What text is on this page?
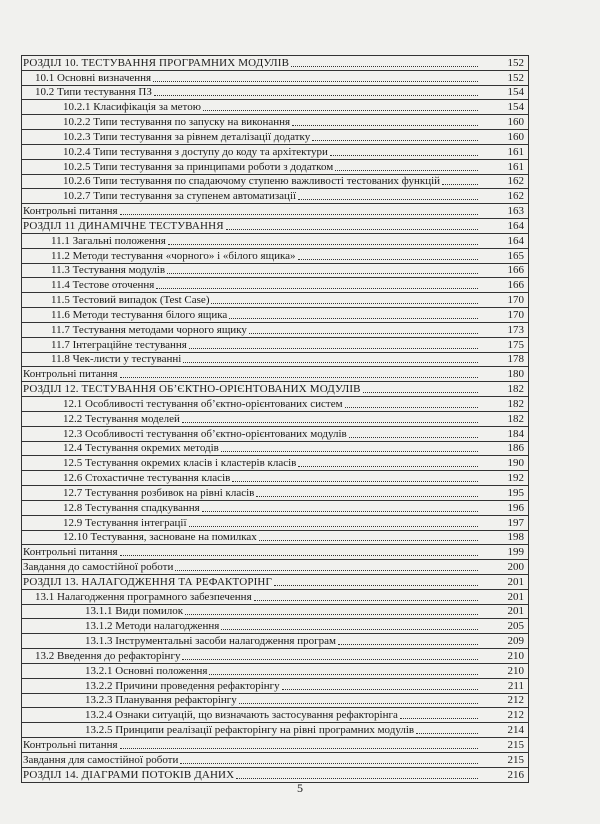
РОЗДІЛ 10. ТЕСТУВАННЯ ПРОГРАМНИХ МОДУЛІВ	152
10.1 Основні визначення	152
10.2 Типи тестування ПЗ	154
10.2.1 Класифікація за метою	154
10.2.2 Типи тестування по запуску на виконання	160
10.2.3 Типи тестування за рівнем деталізації додатку	160
10.2.4 Типи тестування з доступу до коду та архітектури	161
10.2.5 Типи тестування за принципами роботи з додатком	161
10.2.6 Типи тестування по спадаючому ступеню важливості тестованих функцій	162
10.2.7 Типи тестування за ступенем автоматизації	162
Контрольні питання	163
РОЗДІЛ 11 ДИНАМІЧНЕ ТЕСТУВАННЯ	164
11.1 Загальні положення	164
11.2 Методи тестування «чорного» і «білого ящика»	165
11.3 Тестування модулів	166
11.4 Тестове оточення	166
11.5 Тестовий випадок (Test Case)	170
11.6 Методи тестування білого ящика	170
11.7 Тестування методами чорного ящику	173
11.7 Інтеграційне тестування	175
11.8 Чек-листи у тестуванні	178
Контрольні питання	180
РОЗДІЛ 12. ТЕСТУВАННЯ ОБ’ЄКТНО-ОРІЄНТОВАНИХ МОДУЛІВ	182
12.1 Особливості тестування об’єктно-орієнтованих систем	182
12.2 Тестування моделей	182
12.3 Особливості тестування об’єктно-орієнтованих модулів	184
12.4 Тестування окремих методів	186
12.5 Тестування окремих класів і кластерів класів	190
12.6 Стохастичне тестування класів	192
12.7 Тестування розбивок на рівні класів	195
12.8 Тестування спадкування	196
12.9 Тестування інтеграції	197
12.10 Тестування, засноване на помилках	198
Контрольні питання	199
Завдання до самостійної роботи	200
РОЗДІЛ 13. НАЛАГОДЖЕННЯ ТА РЕФАКТОРІНГ	201
13.1 Налагодження програмного забезпечення	201
13.1.1 Види помилок	201
13.1.2 Методи налагодження	205
13.1.3 Інструментальні засоби налагодження програм	209
13.2 Введення до рефакторінгу	210
13.2.1 Основні положення	210
13.2.2 Причини проведення рефакторінгу	211
13.2.3 Планування рефакторінгу	212
13.2.4 Ознаки ситуацій, що визначають застосування рефакторінга	212
13.2.5 Принципи реалізації рефакторінгу на рівні програмних модулів	214
Контрольні питання	215
Завдання для самостійної роботи	215
РОЗДІЛ 14. ДІАГРАМИ ПОТОКІВ ДАНИХ	216
5
